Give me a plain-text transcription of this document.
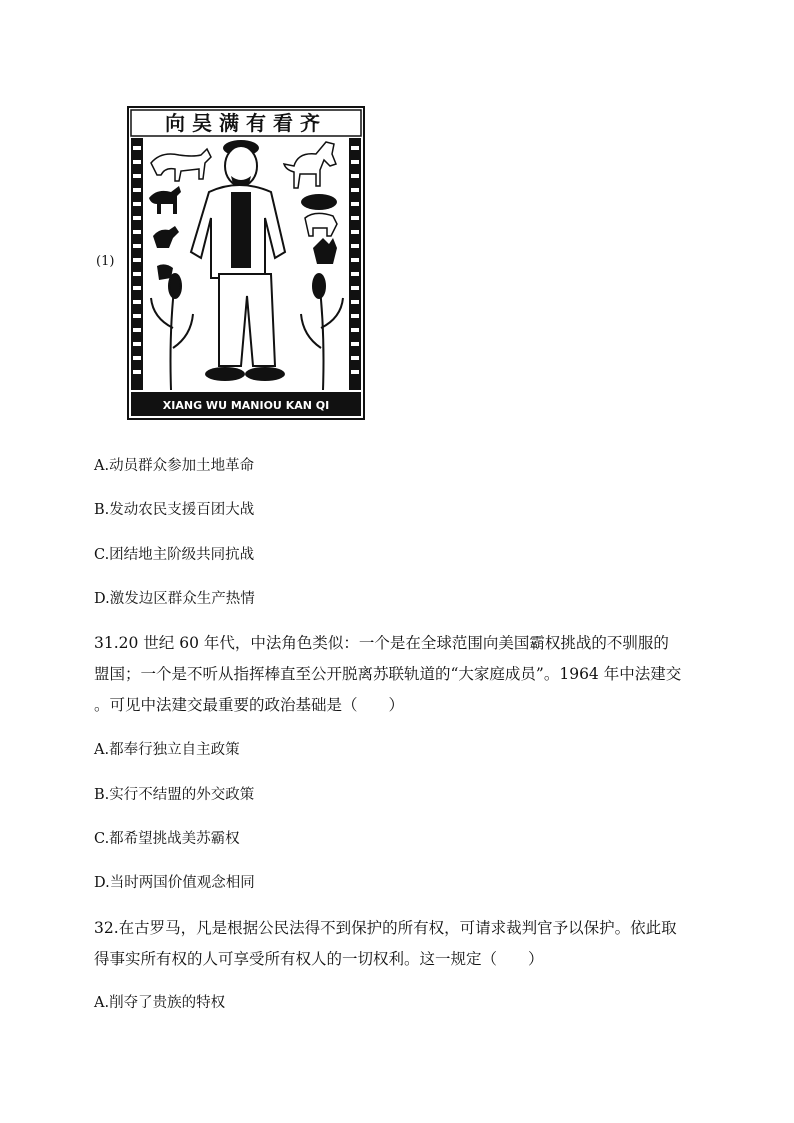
(1)
向吴满有看齐
XIANG WU MANIOU KAN QI
A.动员群众参加土地革命
B.发动农民支援百团大战
C.团结地主阶级共同抗战
D.激发边区群众生产热情
31.20 世纪 60 年代，中法角色类似：一个是在全球范围向美国霸权挑战的不驯服的
盟国；一个是不听从指挥棒直至公开脱离苏联轨道的“大家庭成员”。1964 年中法建交
。可见中法建交最重要的政治基础是（　　）
A.都奉行独立自主政策
B.实行不结盟的外交政策
C.都希望挑战美苏霸权
D.当时两国价值观念相同
32.在古罗马，凡是根据公民法得不到保护的所有权，可请求裁判官予以保护。依此取
得事实所有权的人可享受所有权人的一切权利。这一规定（　　）
A.削夺了贵族的特权
